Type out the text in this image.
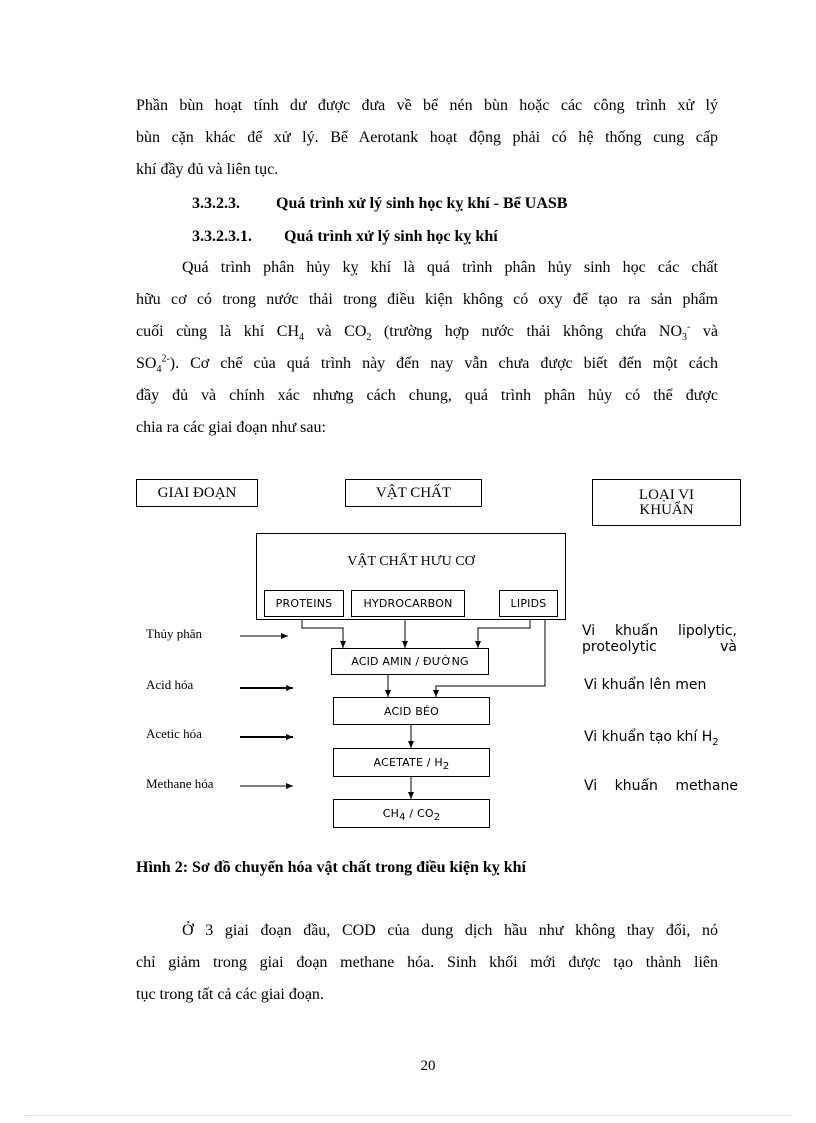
Phần bùn hoạt tính dư được đưa về bể nén bùn hoặc các công trình xử lý
bùn cặn khác để xử lý. Bể Aerotank hoạt động phải có hệ thống cung cấp
khí đầy đủ và liên tục.
3.3.2.3. Quá trình xử lý sinh học kỵ khí - Bể UASB
3.3.2.3.1. Quá trình xử lý sinh học kỵ khí
Quá trình phân hủy kỵ khí là quá trình phân hủy sinh học các chất
hữu cơ có trong nước thải trong điều kiện không có oxy để tạo ra sản phẩm
cuối cùng là khí $CH_4$ và $CO_2$ (trường hợp nước thải không chứa $NO_3^-$ và
$SO_4^{2-}$). Cơ chế của quá trình này đến nay vẫn chưa được biết đến một cách
đầy đủ và chính xác nhưng cách chung, quá trình phân hủy có thể được
chia ra các giai đoạn như sau:
GIAI ĐOẠN	VẬT CHẤT	LOẠI VI
KHUẨN
VẬT CHẤT HƯU CƠ
PROTEINS	HYDROCARBON	LIPIDS
ACID AMIN / ĐƯỜNG
ACID BÉO
ACETATE / $H_2$
$CH_4 / CO_2$
Thủy phân
Acid hóa
Acetic hóa
Methane hóa
Vi khuẩn lipolytic,
proteolytic và
Vi khuẩn lên men
Vi khuẩn tạo khí $H_2$
Vi khuẩn methane
Hình 2: Sơ đồ chuyển hóa vật chất trong điều kiện kỵ khí
Ở 3 giai đoạn đầu, COD của dung dịch hầu như không thay đổi, nó
chỉ giảm trong giai đoạn methane hóa. Sinh khối mới được tạo thành liên
tục trong tất cả các giai đoạn.
20
